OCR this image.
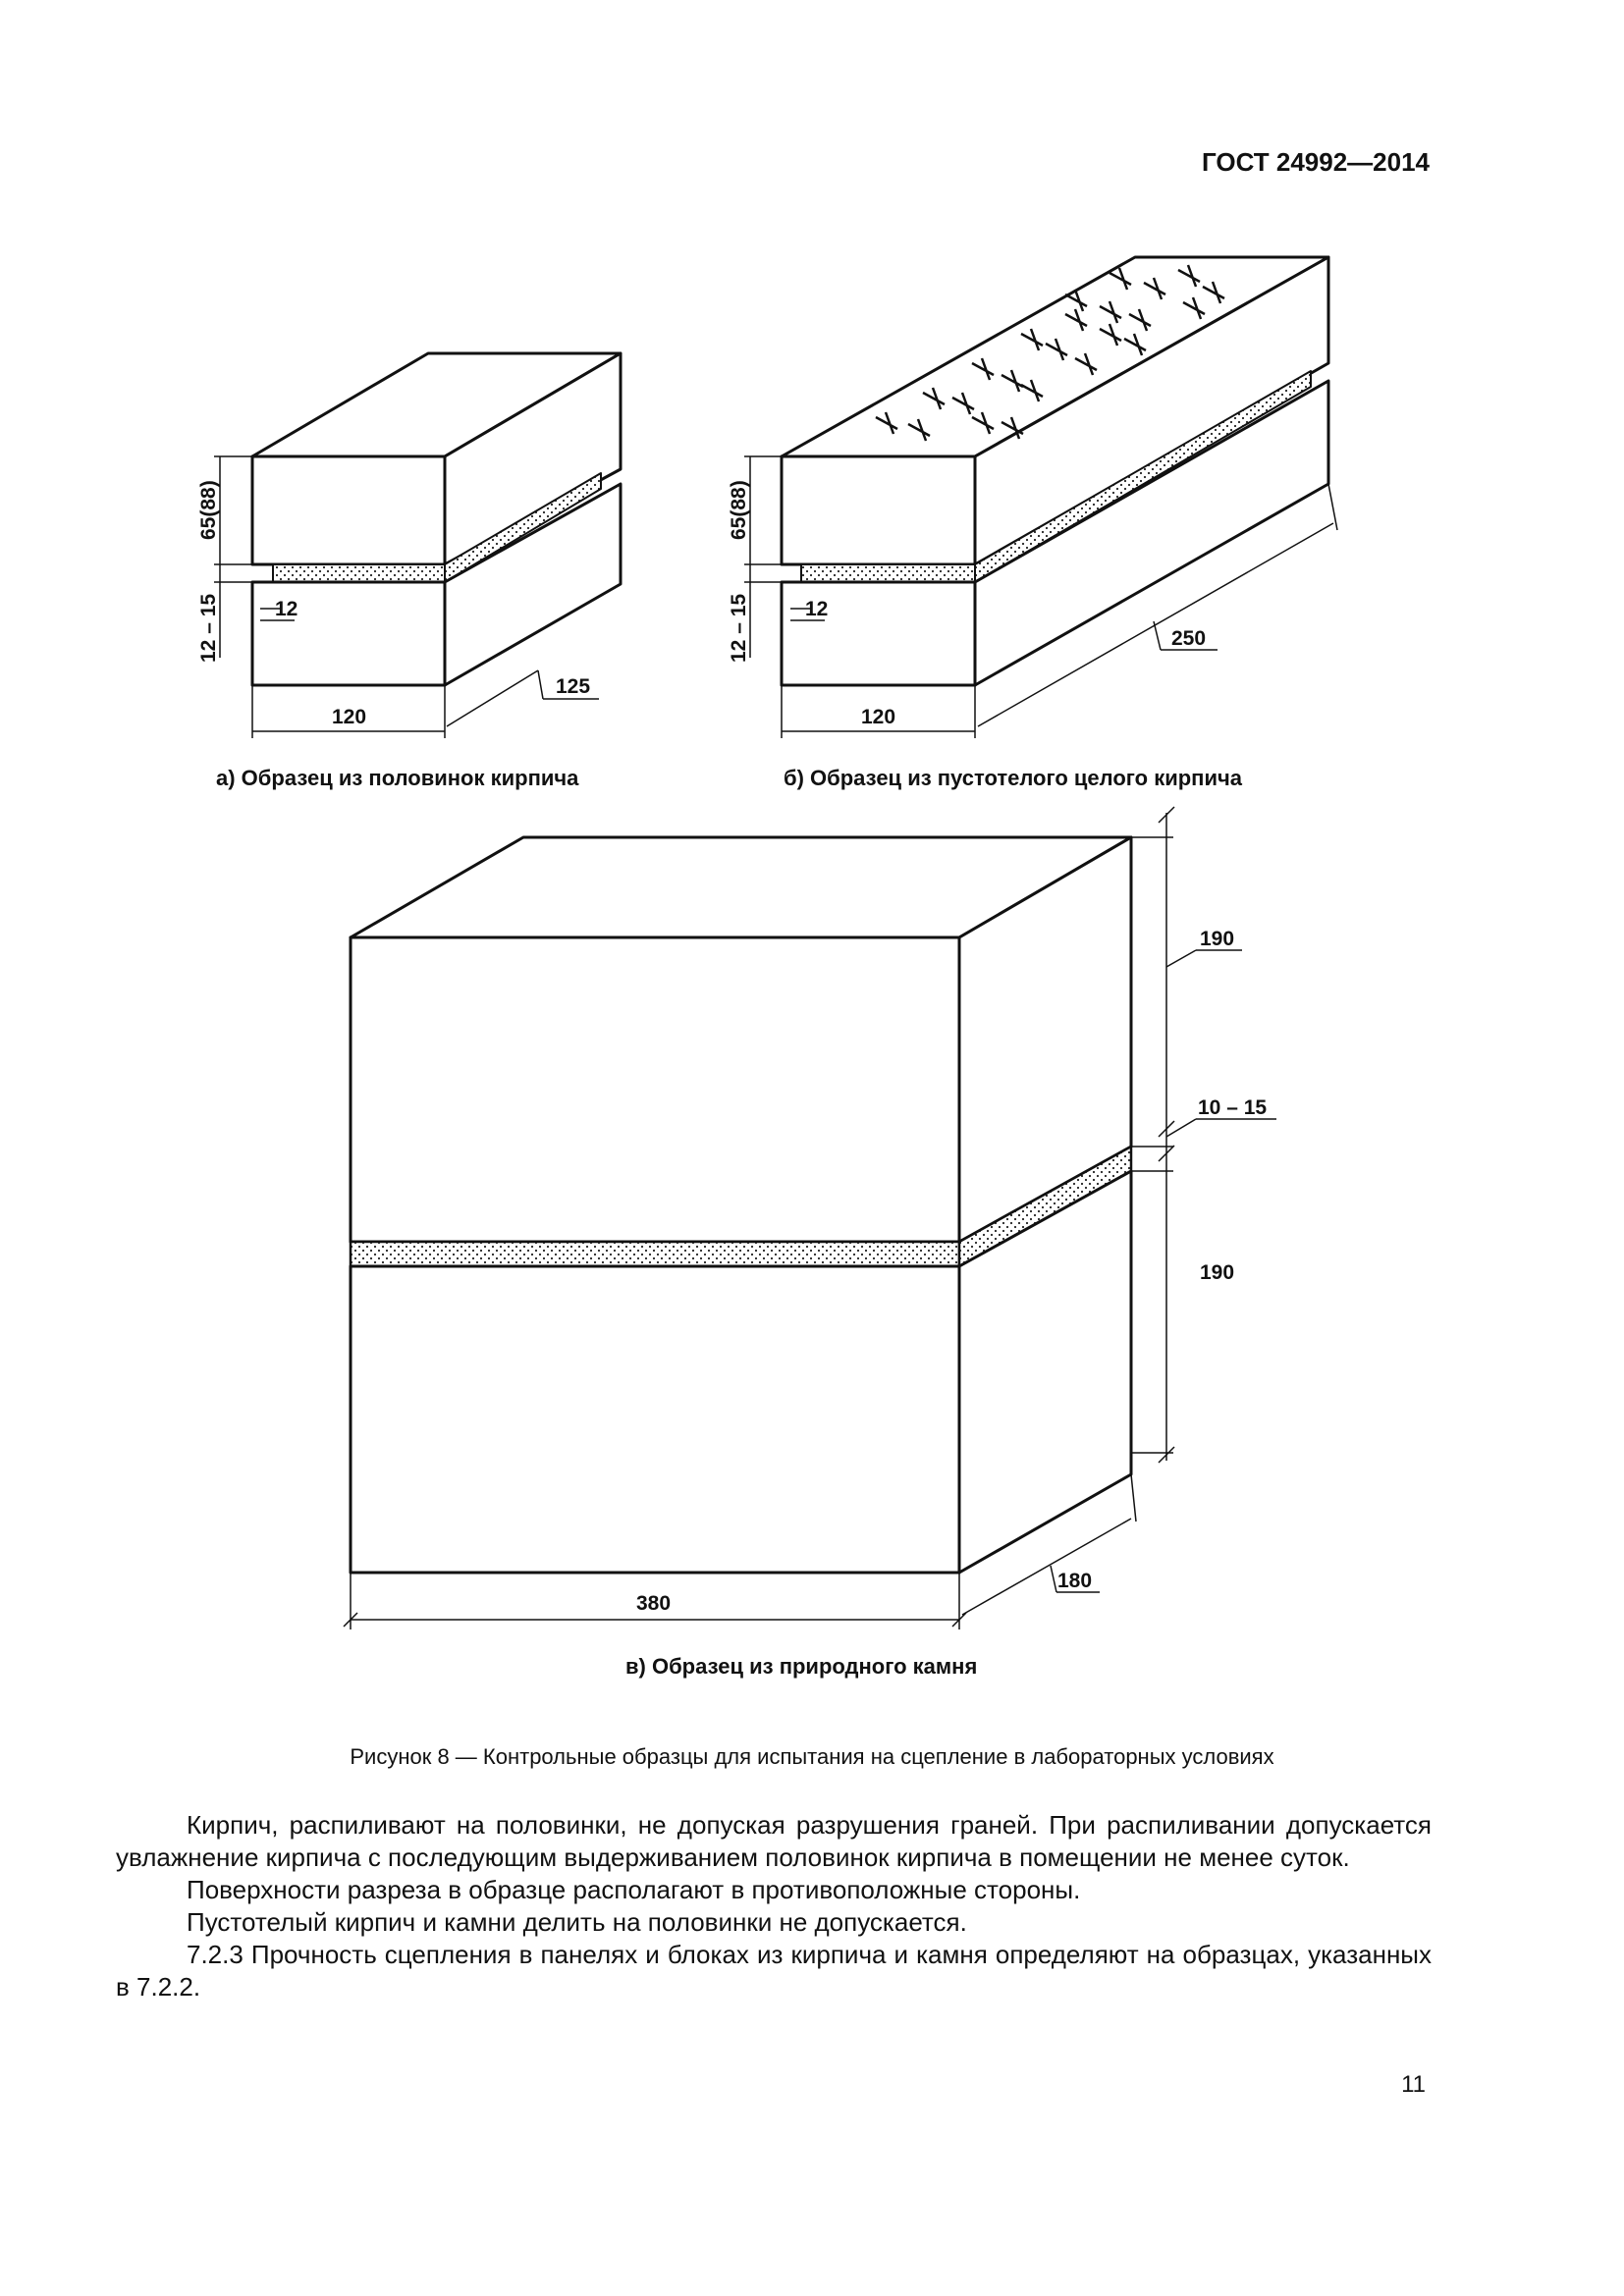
ГОСТ 24992—2014
65(88)
12 – 15	12
120
125
а) Образец из половинок кирпича
65(88)
12 – 15	12
120
250
б) Образец из пустотелого целого кирпича
190
10 – 15
190
380
180
в) Образец из природного камня
Рисунок 8 — Контрольные образцы для испытания на сцепление в лабораторных условиях

Кирпич, распиливают на половинки, не допуская разрушения граней. При распиливании допускается увлажнение кирпича с последующим выдерживанием половинок кирпича в помещении не менее суток.

Поверхности разреза в образце располагают в противоположные стороны.

Пустотелый кирпич и камни делить на половинки не допускается.

7.2.3 Прочность сцепления в панелях и блоках из кирпича и камня определяют на образцах, указанных в 7.2.2.

11
